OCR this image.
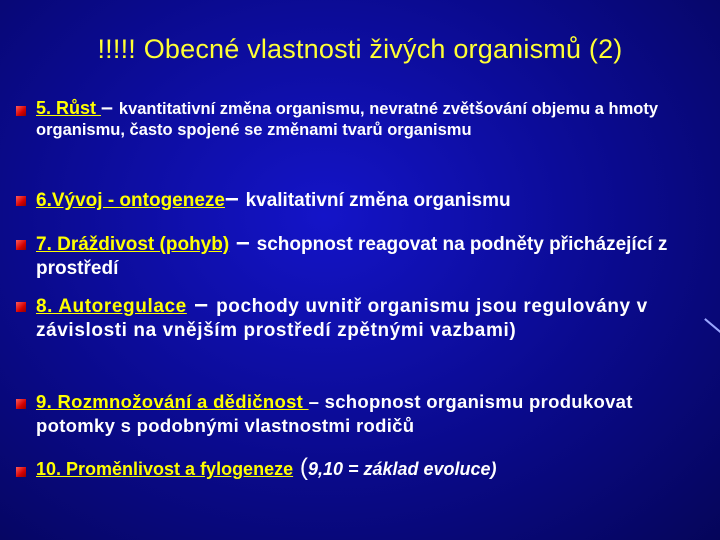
!!!!! Obecné vlastnosti živých organismů (2)
5. Růst – kvantitativní změna organismu, nevratné zvětšování objemu a hmoty organismu, často spojené se změnami tvarů organismu
6.Vývoj - ontogeneze– kvalitativní změna organismu
7. Dráždivost (pohyb) – schopnost reagovat na podněty přicházející z prostředí
8. Autoregulace – pochody uvnitř organismu jsou regulovány v závislosti na vnějším prostředí zpětnými vazbami)
9. Rozmnožování a dědičnost – schopnost organismu produkovat potomky s podobnými vlastnostmi rodičů
10. Proměnlivost a fylogeneze (9,10 = základ evoluce)
